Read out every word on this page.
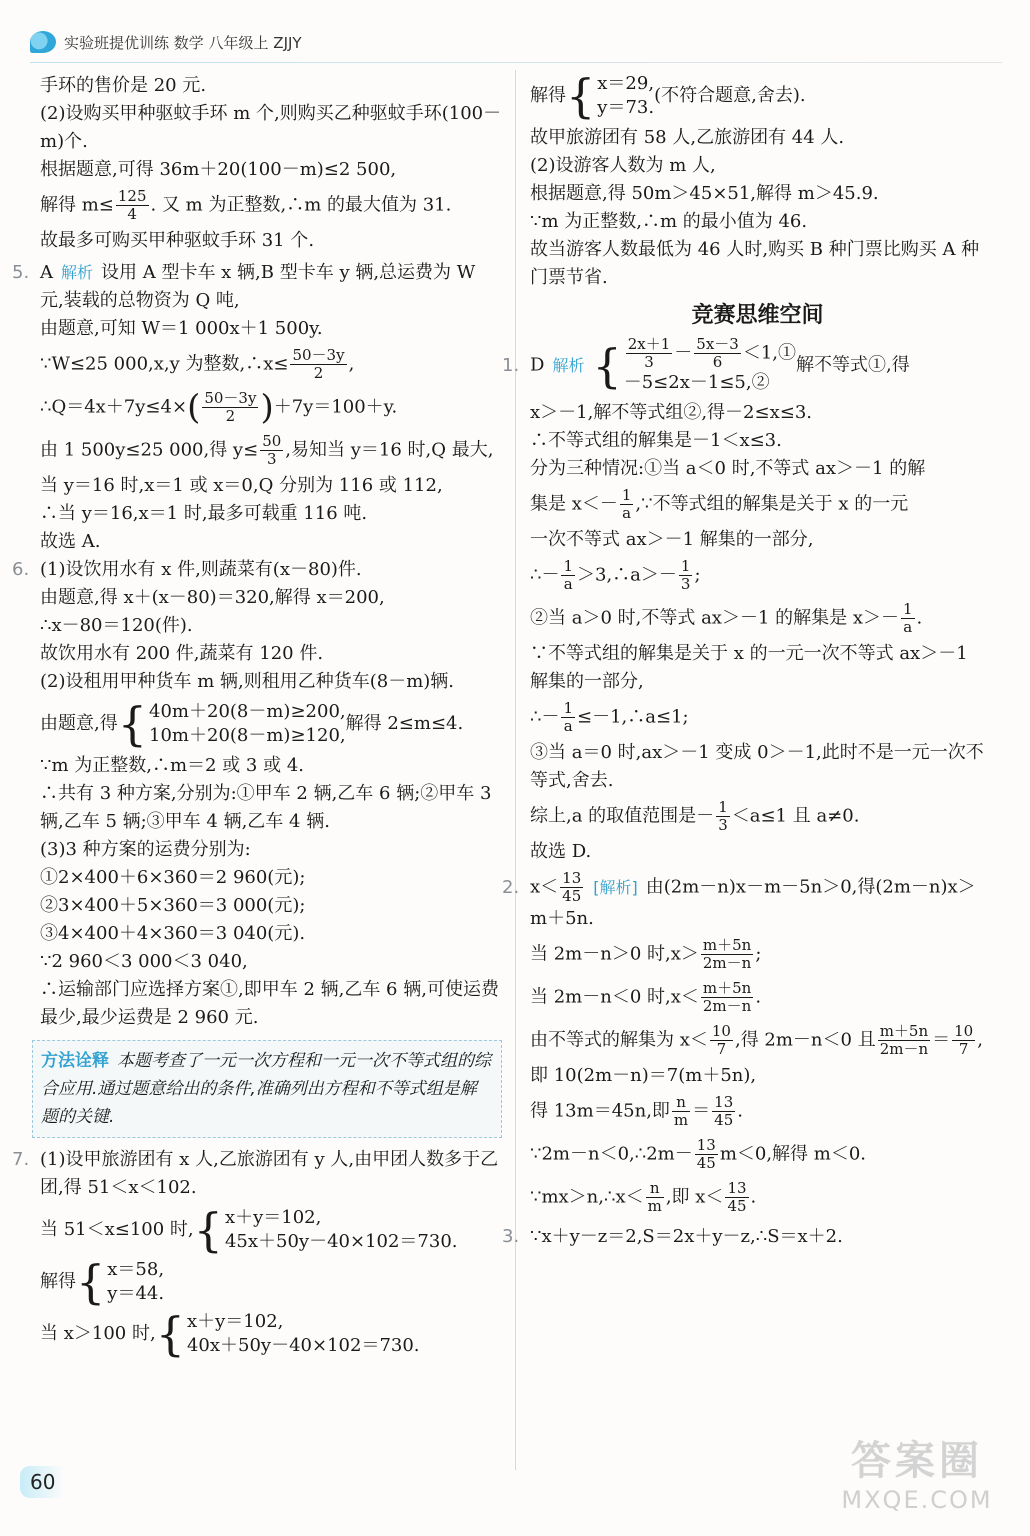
实验班提优训练 数学 八年级上 ZJJY

手环的售价是 20 元.

(2)设购买甲种驱蚊手环 m 个,则购买乙种驱蚊手环(100－m)个.

根据题意,可得 36m＋20(100－m)≤2 500,

解得 $m\le \frac{125}{4}$ . 又 m 为正整数,∴m 的最大值为 31.

故最多可购买甲种驱蚊手环 31 个.

5. A 解析 设用 A 型卡车 x 辆,B 型卡车 y 辆,总运费为 W 元,装载的总物资为 Q 吨,

由题意,可知 W＝1 000x＋1 500y.

∵W≤25 000,x,y 为整数,∴x≤ $\frac{50-3y}{2}$ ,

∴Q＝4x＋7y≤4×( $\frac{50-3y}{2} )+7y=100+y$.

由 1 500y≤25 000,得 $y\le \frac{50}{3}$ ,易知当 y＝16 时,Q 最大,

当 y＝16 时,x＝1 或 x＝0,Q 分别为 116 或 112,

∴当 y＝16,x＝1 时,最多可载重 116 吨.

故选 A.

6. (1)设饮用水有 x 件,则蔬菜有(x－80)件.

由题意,得 x＋(x－80)＝320,解得 x＝200,

∴x－80＝120(件).

故饮用水有 200 件,蔬菜有 120 件.

(2)设租用甲种货车 m 辆,则租用乙种货车(8－m)辆.

由题意,得 { 40m＋20(8－m)≥200,
10m＋20(8－m)≥120,
解得 2≤m≤4.

∵m 为正整数,∴m＝2 或 3 或 4.

∴共有 3 种方案,分别为:①甲车 2 辆,乙车 6 辆;②甲车 3 辆,乙车 5 辆;③甲车 4 辆,乙车 4 辆.

(3)3 种方案的运费分别为:

①2×400＋6×360＝2 960(元);

②3×400＋5×360＝3 000(元);

③4×400＋4×360＝3 040(元).

∵2 960＜3 000＜3 040,

∴运输部门应选择方案①,即甲车 2 辆,乙车 6 辆,可使运费最少,最少运费是 2 960 元.

方法诠释 本题考查了一元一次方程和一元一次不等式组的综合应用.通过题意给出的条件,准确列出方程和不等式组是解题的关键.

7. (1)设甲旅游团有 x 人,乙旅游团有 y 人,由甲团人数多于乙团,得 51＜x＜102.

当 51＜x≤100 时, { x＋y＝102,
45x＋50y－40×102＝730.

解得 { x＝58,
y＝44.

当 x＞100 时, { x＋y＝102,
40x＋50y－40×102＝730.

解得 { x＝29,
y＝73.
(不符合题意,舍去).

故甲旅游团有 58 人,乙旅游团有 44 人.

(2)设游客人数为 m 人,

根据题意,得 50m＞45×51,解得 m＞45.9.

∵m 为正整数,∴m 的最小值为 46.

故当游客人数最低为 46 人时,购买 B 种门票比购买 A 种门票节省.

竞赛思维空间

1. D 解析 { $\frac{2x+1}{3} - \frac{5x-3}{6}$ ＜1,①
－5≤2x－1≤5,②
解不等式①,得

x＞－1,解不等式组②,得－2≤x≤3.

∴不等式组的解集是－1＜x≤3.

分为三种情况:①当 a＜0 时,不等式 ax＞－1 的解

集是 $x<- \frac{1}{a}$ ,∵不等式组的解集是关于 x 的一元

一次不等式 ax＞－1 解集的一部分,

∴－ $\frac{1}{a}$ ＞3,∴a＞－ $\frac{1}{3}$ ;

②当 a＞0 时,不等式 ax＞－1 的解集是 $x>- \frac{1}{a}$ .

∵不等式组的解集是关于 x 的一元一次不等式 ax＞－1 解集的一部分,

∴－ $\frac{1}{a}$ ≤－1,∴a≤1;

③当 a＝0 时,ax＞－1 变成 0＞－1,此时不是一元一次不等式,舍去.

综上,a 的取值范围是－ $\frac{1}{3} <a\le 1$ 且 a≠0.

故选 D.

2. $x< \frac{13}{45}$
[ 解析 ] 由(2m－n)x－m－5n＞0,得(2m－n)x＞m＋5n.

当 2m－n＞0 时$,x> \frac{m+5n}{2m-n}$ ;

当 2m－n＜0 时$,x< \frac{m+5n}{2m-n}$ .

由不等式的解集为 $x< \frac{10}{7}$ ,得 2m－n＜0 且 $\frac{m+5n}{2m-n} = \frac{10}{7}$ ,

即 10(2m－n)＝7(m＋5n),

得 13m＝45n,即 $\frac{n}{m} = \frac{13}{45}$ .

∵2m－n＜0,∴2m－ $\frac{13}{45} m<0$,解得 m＜0.

∵mx＞n,∴x＜ $\frac{n}{m}$ ,即 $x< \frac{13}{45}$ .

3. ∵x＋y－z＝2,S＝2x＋y－z,∴S＝x＋2.

60	答案圈
MXQE.COM
